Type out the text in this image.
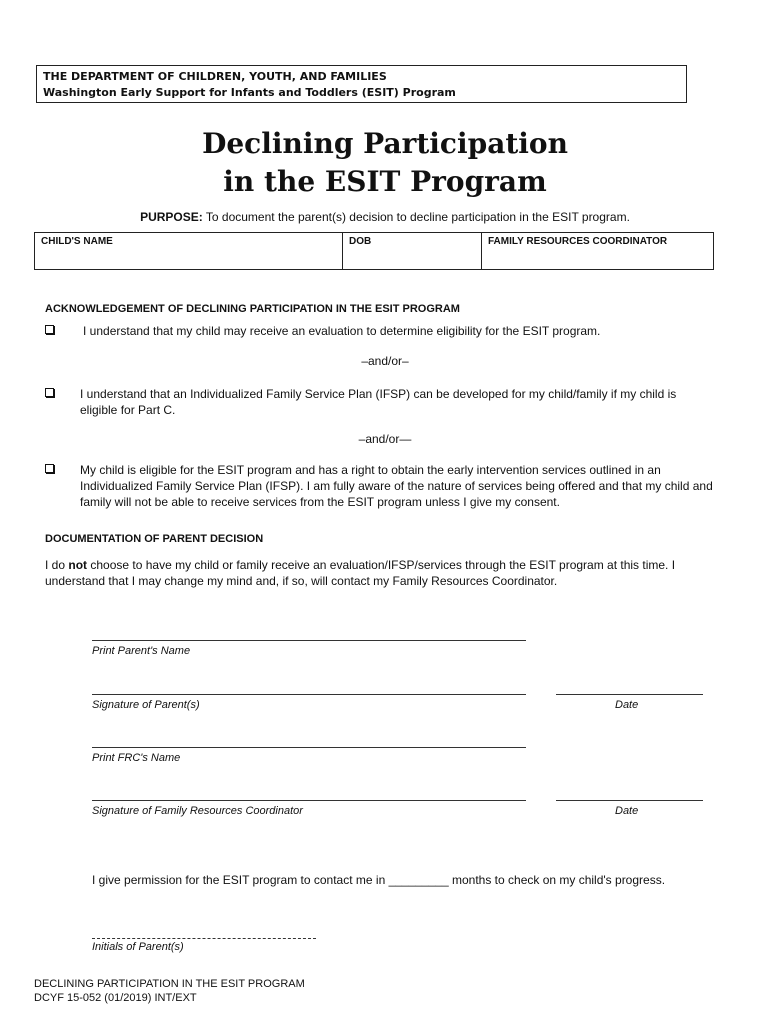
THE DEPARTMENT OF CHILDREN, YOUTH, AND FAMILIES
Washington Early Support for Infants and Toddlers (ESIT) Program
Declining Participation
in the ESIT Program
PURPOSE: To document the parent(s) decision to decline participation in the ESIT program.
CHILD'S NAME	DOB	FAMILY RESOURCES COORDINATOR
ACKNOWLEDGEMENT OF DECLINING PARTICIPATION IN THE ESIT PROGRAM
I understand that my child may receive an evaluation to determine eligibility for the ESIT program.
–and/or–
I understand that an Individualized Family Service Plan (IFSP) can be developed for my child/family if my child is eligible for Part C.
–and/or—
My child is eligible for the ESIT program and has a right to obtain the early intervention services outlined in an Individualized Family Service Plan (IFSP). I am fully aware of the nature of services being offered and that my child and family will not be able to receive services from the ESIT program unless I give my consent.
DOCUMENTATION OF PARENT DECISION
I do not choose to have my child or family receive an evaluation/IFSP/services through the ESIT program at this time. I understand that I may change my mind and, if so, will contact my Family Resources Coordinator.
Print Parent's Name
Signature of Parent(s)	Date
Print FRC's Name
Signature of Family Resources Coordinator	Date
I give permission for the ESIT program to contact me in _________ months to check on my child's progress.
Initials of Parent(s)
DECLINING PARTICIPATION IN THE ESIT PROGRAM
DCYF 15-052 (01/2019) INT/EXT
